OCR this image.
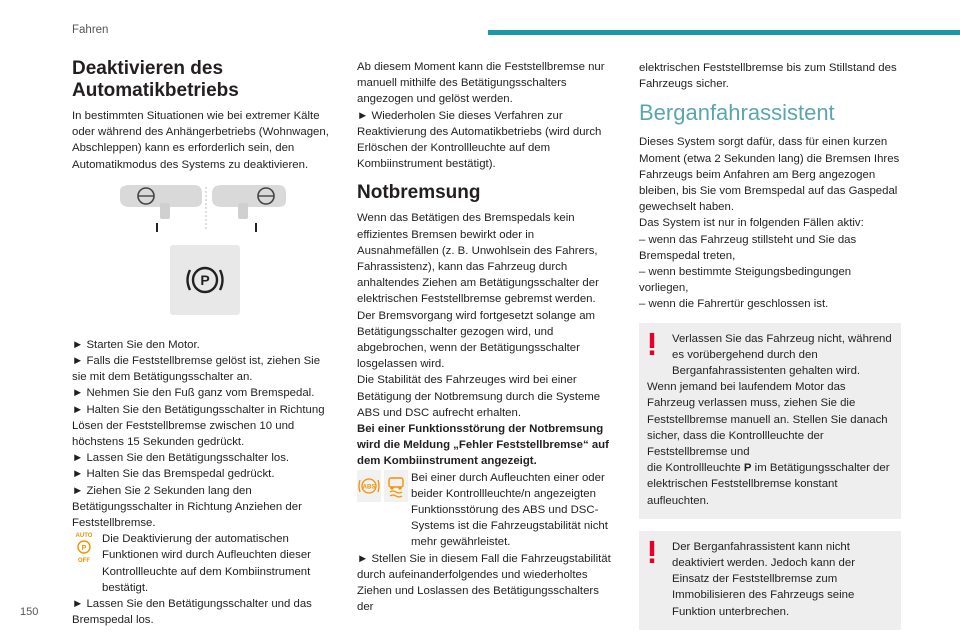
Fahren
Deaktivieren des
Automatikbetriebs

In bestimmten Situationen wie bei extremer Kälte oder während des Anhängerbetriebs (Wohnwagen, Abschleppen) kann es erforderlich sein, den Automatikmodus des Systems zu deaktivieren.

P

► Starten Sie den Motor.

► Falls die Feststellbremse gelöst ist, ziehen Sie sie mit dem Betätigungsschalter an.

► Nehmen Sie den Fuß ganz vom Bremspedal.

► Halten Sie den Betätigungsschalter in Richtung Lösen der Feststellbremse zwischen 10 und höchstens 15 Sekunden gedrückt.

► Lassen Sie den Betätigungsschalter los.

► Halten Sie das Bremspedal gedrückt.

► Ziehen Sie 2 Sekunden lang den Betätigungsschalter in Richtung Anziehen der Feststellbremse.

AUTO
P
OFF
Die Deaktivierung der automatischen Funktionen wird durch Aufleuchten dieser Kontrollleuchte auf dem Kombiinstrument bestätigt.

► Lassen Sie den Betätigungsschalter und das Bremspedal los.

Ab diesem Moment kann die Feststellbremse nur manuell mithilfe des Betätigungsschalters angezogen und gelöst werden.

► Wiederholen Sie dieses Verfahren zur Reaktivierung des Automatikbetriebs (wird durch Erlöschen der Kontrollleuchte auf dem Kombiinstrument bestätigt).

Notbremsung

Wenn das Betätigen des Bremspedals kein effizientes Bremsen bewirkt oder in Ausnahmefällen (z. B. Unwohlsein des Fahrers, Fahrassistenz), kann das Fahrzeug durch anhaltendes Ziehen am Betätigungsschalter der elektrischen Feststellbremse gebremst werden. Der Bremsvorgang wird fortgesetzt solange am Betätigungsschalter gezogen wird, und abgebrochen, wenn der Betätigungsschalter losgelassen wird.

Die Stabilität des Fahrzeuges wird bei einer Betätigung der Notbremsung durch die Systeme ABS und DSC aufrecht erhalten.

Bei einer Funktionsstörung der Notbremsung wird die Meldung „Fehler Feststellbremse“ auf dem Kombiinstrument angezeigt.

ABS
Bei einer durch Aufleuchten einer oder beider Kontrollleuchte/n angezeigten Funktionsstörung des ABS und DSC-Systems ist die Fahrzeugstabilität nicht mehr gewährleistet.

► Stellen Sie in diesem Fall die Fahrzeugstabilität durch aufeinanderfolgendes und wiederholtes Ziehen und Loslassen des Betätigungsschalters der

elektrischen Feststellbremse bis zum Stillstand des Fahrzeugs sicher.

Berganfahrassistent

Dieses System sorgt dafür, dass für einen kurzen Moment (etwa 2 Sekunden lang) die Bremsen Ihres Fahrzeugs beim Anfahren am Berg angezogen bleiben, bis Sie vom Bremspedal auf das Gaspedal gewechselt haben.

Das System ist nur in folgenden Fällen aktiv:

– wenn das Fahrzeug stillsteht und Sie das Bremspedal treten,

– wenn bestimmte Steigungsbedingungen vorliegen,

– wenn die Fahrertür geschlossen ist.

Verlassen Sie das Fahrzeug nicht, während es vorübergehend durch den Berganfahrassistenten gehalten wird.

Wenn jemand bei laufendem Motor das Fahrzeug verlassen muss, ziehen Sie die Feststellbremse manuell an. Stellen Sie danach sicher, dass die Kontrollleuchte der Feststellbremse und

die Kontrollleuchte P im Betätigungsschalter der elektrischen Feststellbremse konstant aufleuchten.

Der Berganfahrassistent kann nicht deaktiviert werden. Jedoch kann der Einsatz der Feststellbremse zum Immobilisieren des Fahrzeugs seine Funktion unterbrechen.

150
